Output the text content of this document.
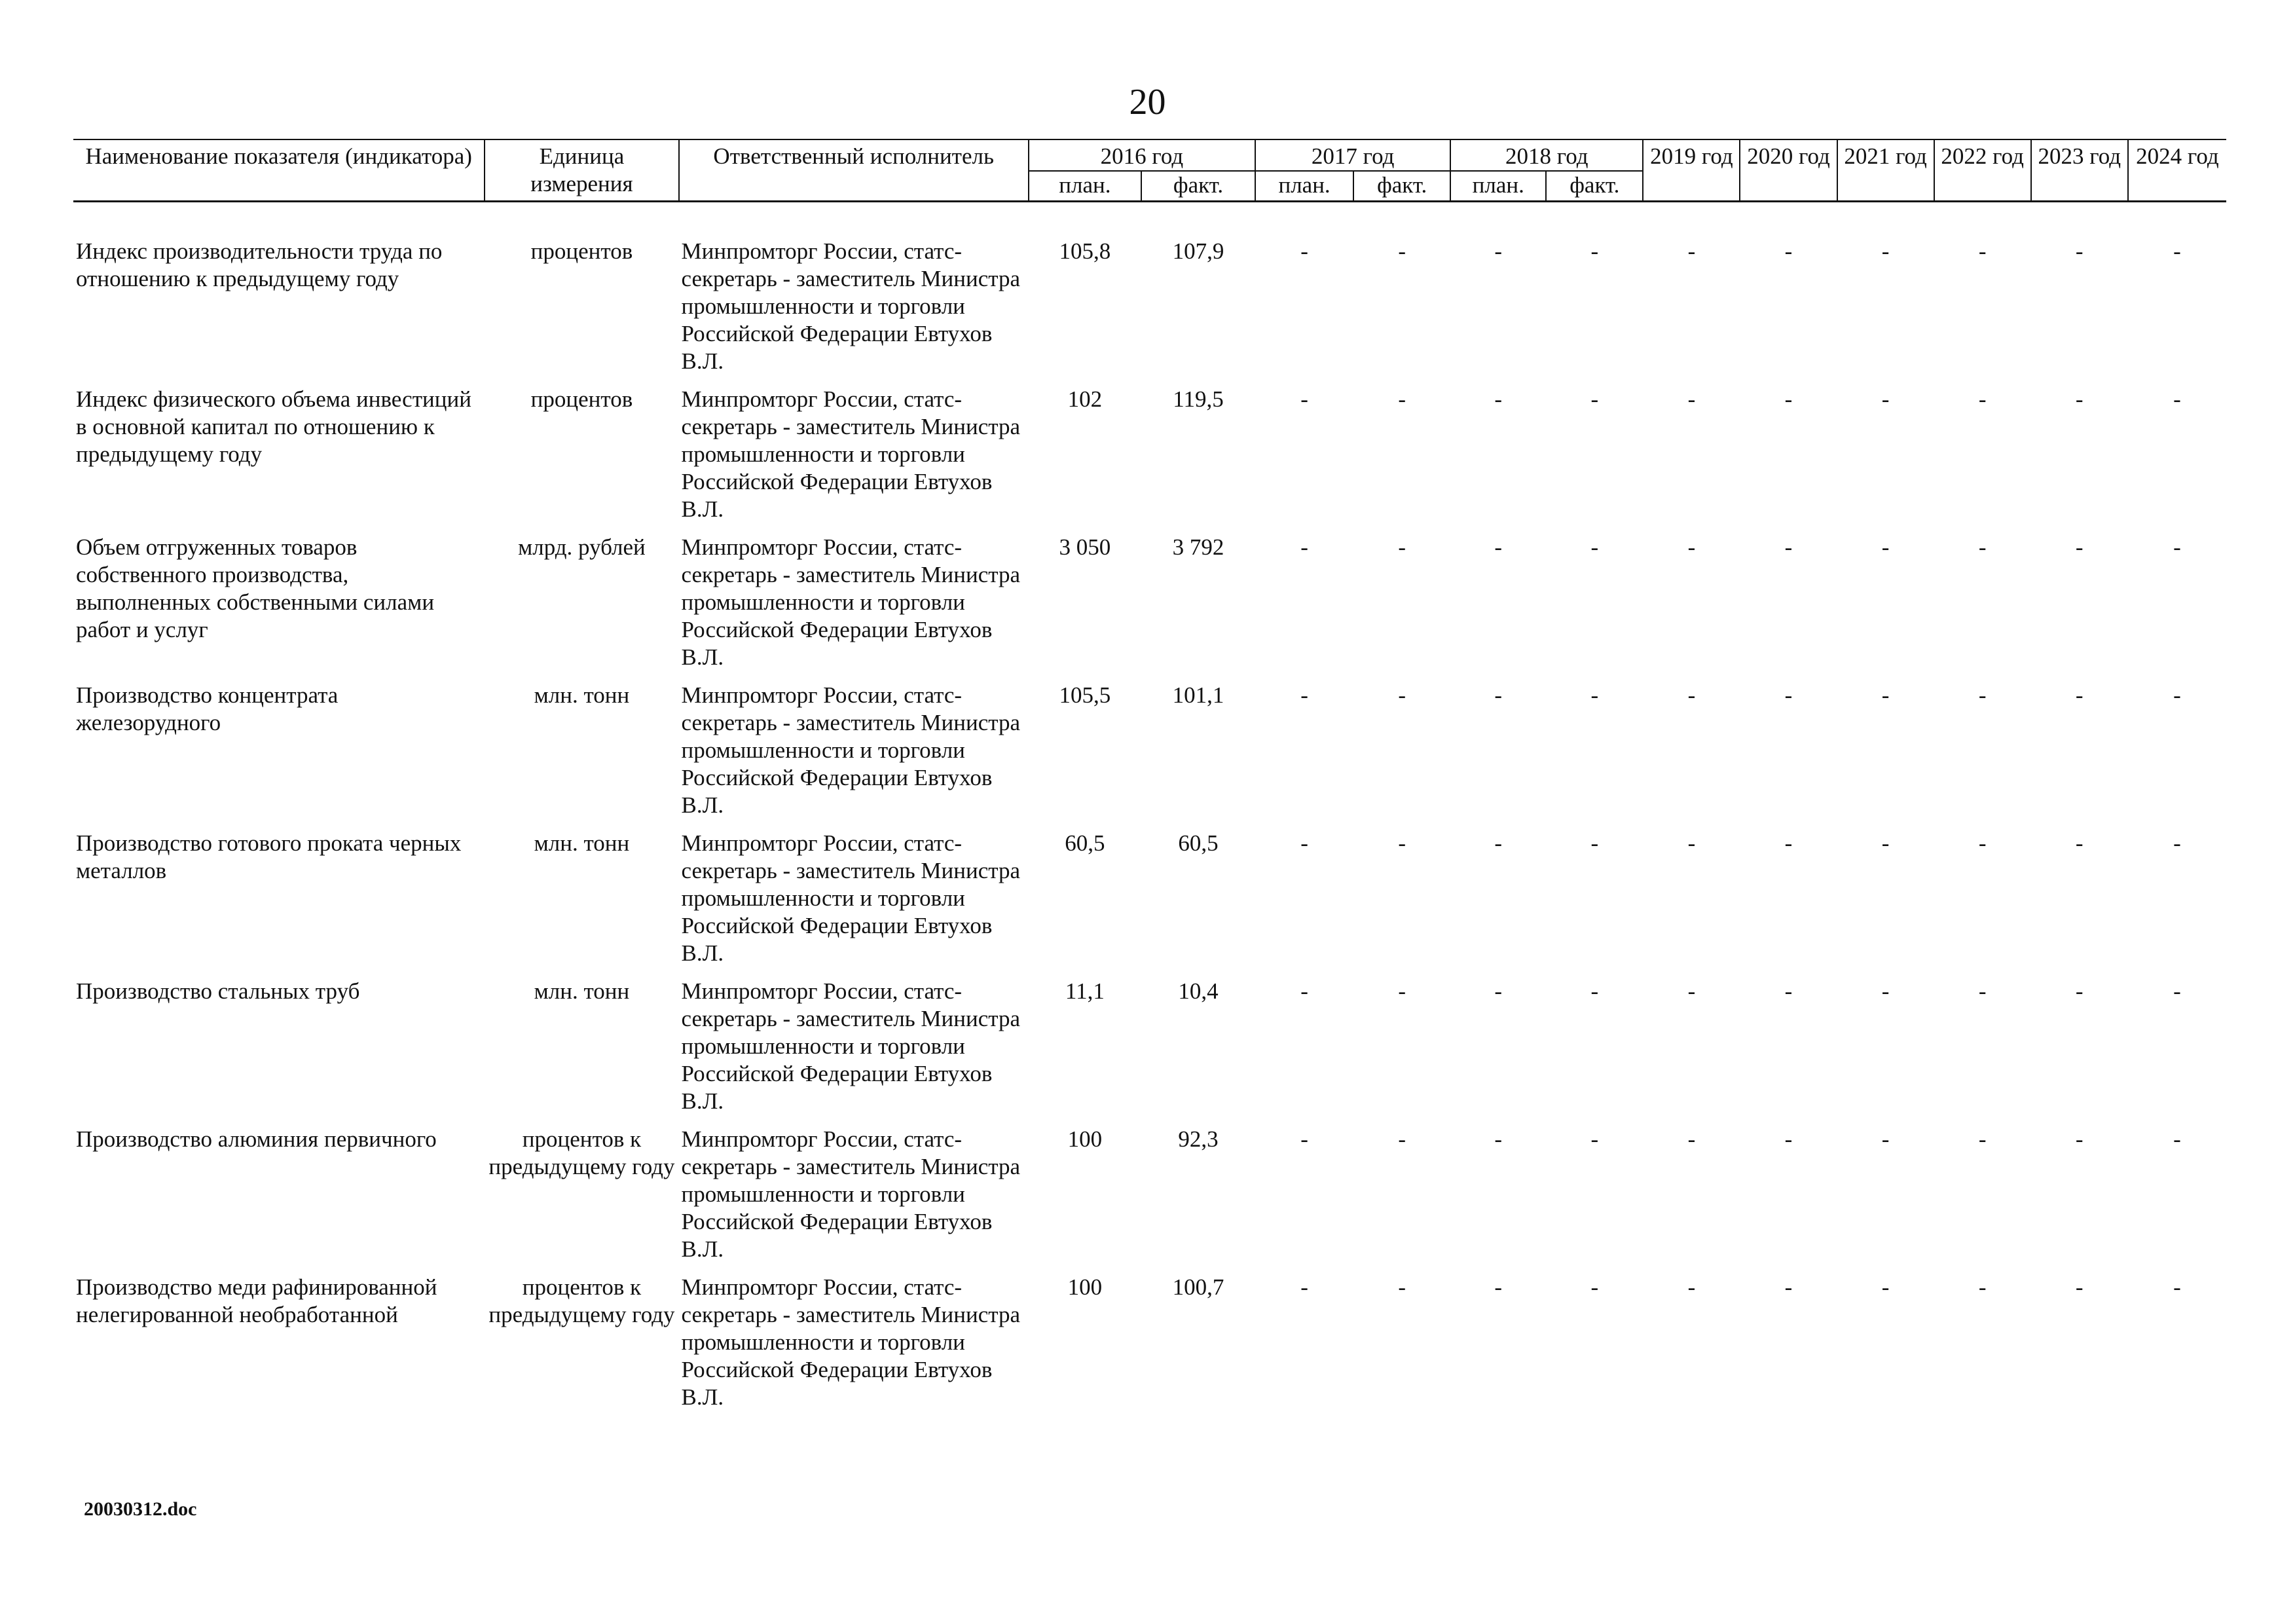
20
Наименование показателя (индикатора)	Единица измерения	Ответственный исполнитель	2016 год		2017 год		2018 год		2019 год	2020 год	2021 год	2022 год	2023 год	2024 год
			план.	факт.	план.	факт.	план.	факт.						

Индекс производительности труда по отношению к предыдущему году	процентов	Минпромторг России, статс-секретарь - заместитель Министра промышленности и торговли Российской Федерации Евтухов В.Л.	105,8	107,9	-	-	-	-	-	-	-	-	-	-
Индекс физического объема инвестиций в основной капитал по отношению к предыдущему году	процентов	Минпромторг России, статс-секретарь - заместитель Министра промышленности и торговли Российской Федерации Евтухов В.Л.	102	119,5	-	-	-	-	-	-	-	-	-	-
Объем отгруженных товаров собственного производства, выполненных собственными силами работ и услуг	млрд. рублей	Минпромторг России, статс-секретарь - заместитель Министра промышленности и торговли Российской Федерации Евтухов В.Л.	3 050	3 792	-	-	-	-	-	-	-	-	-	-
Производство концентрата железорудного	млн. тонн	Минпромторг России, статс-секретарь - заместитель Министра промышленности и торговли Российской Федерации Евтухов В.Л.	105,5	101,1	-	-	-	-	-	-	-	-	-	-
Производство готового проката черных металлов	млн. тонн	Минпромторг России, статс-секретарь - заместитель Министра промышленности и торговли Российской Федерации Евтухов В.Л.	60,5	60,5	-	-	-	-	-	-	-	-	-	-
Производство стальных труб	млн. тонн	Минпромторг России, статс-секретарь - заместитель Министра промышленности и торговли Российской Федерации Евтухов В.Л.	11,1	10,4	-	-	-	-	-	-	-	-	-	-
Производство алюминия первичного	процентов к предыдущему году	Минпромторг России, статс-секретарь - заместитель Министра промышленности и торговли Российской Федерации Евтухов В.Л.	100	92,3	-	-	-	-	-	-	-	-	-	-
Производство меди рафинированной нелегированной необработанной	процентов к предыдущему году	Минпромторг России, статс-секретарь - заместитель Министра промышленности и торговли Российской Федерации Евтухов В.Л.	100	100,7	-	-	-	-	-	-	-	-	-	-
20030312.doc
